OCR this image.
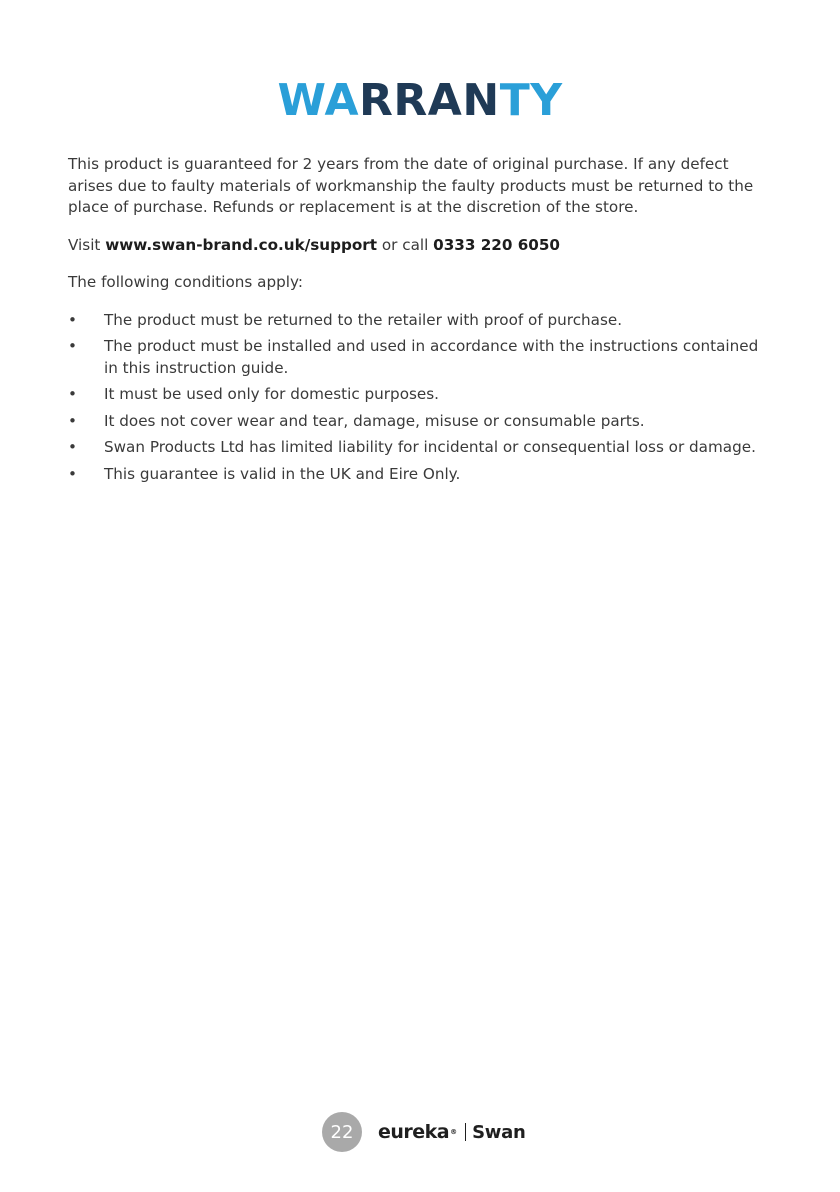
WARRANTY

This product is guaranteed for 2 years from the date of original purchase. If any defect arises due to faulty materials of workmanship the faulty products must be returned to the place of purchase. Refunds or replacement is at the discretion of the store.

Visit www.swan-brand.co.uk/support or call 0333 220 6050

The following conditions apply:

• The product must be returned to the retailer with proof of purchase.
• The product must be installed and used in accordance with the instructions contained in this instruction guide.
• It must be used only for domestic purposes.
• It does not cover wear and tear, damage, misuse or consumable parts.
• Swan Products Ltd has limited liability for incidental or consequential loss or damage.
• This guarantee is valid in the UK and Eire Only.
22	eureka ® Swan
